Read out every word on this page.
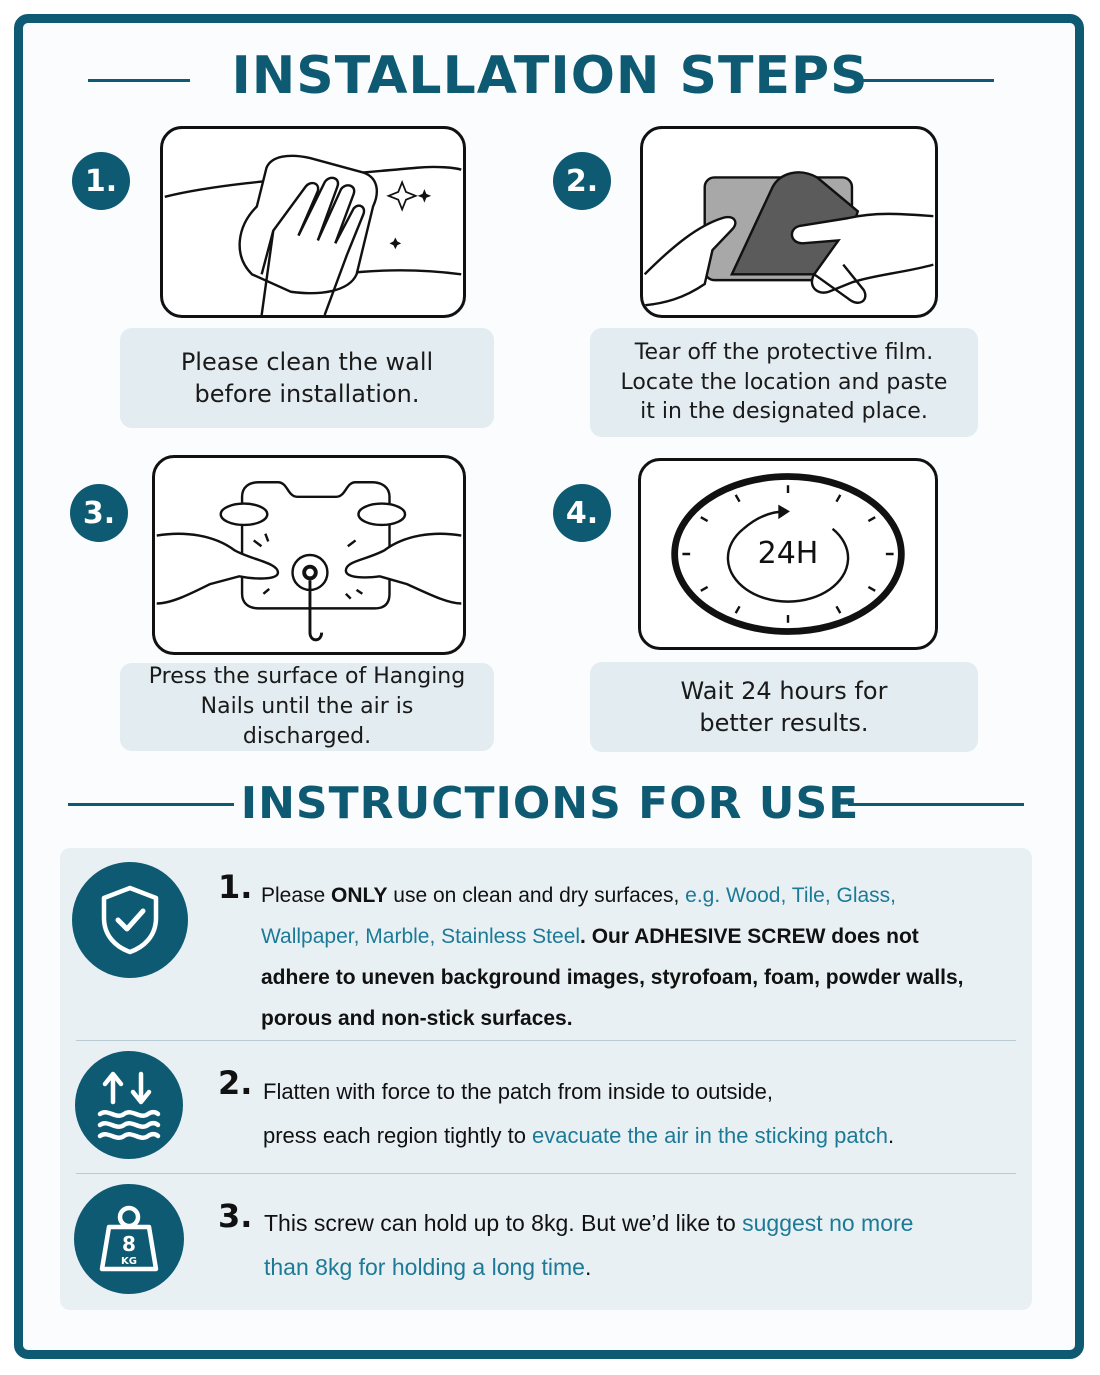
INSTALLATION STEPS
1.
Please clean the wall
before installation.
2.
Tear off the protective film.
Locate the location and paste
it in the designated place.
3.
Press the surface of Hanging
Nails until the air is discharged.
4.
24H
Wait 24 hours for
better results.
INSTRUCTIONS FOR USE
1. Please ONLY use on clean and dry surfaces, e.g. Wood, Tile, Glass,
Wallpaper, Marble, Stainless Steel. Our ADHESIVE SCREW does not
adhere to uneven background images, styrofoam, foam, powder walls,
porous and non-stick surfaces.
2. Flatten with force to the patch from inside to outside,
press each region tightly to evacuate the air in the sticking patch.
8
KG
3. This screw can hold up to 8kg. But we’d like to suggest no more
than 8kg for holding a long time.
